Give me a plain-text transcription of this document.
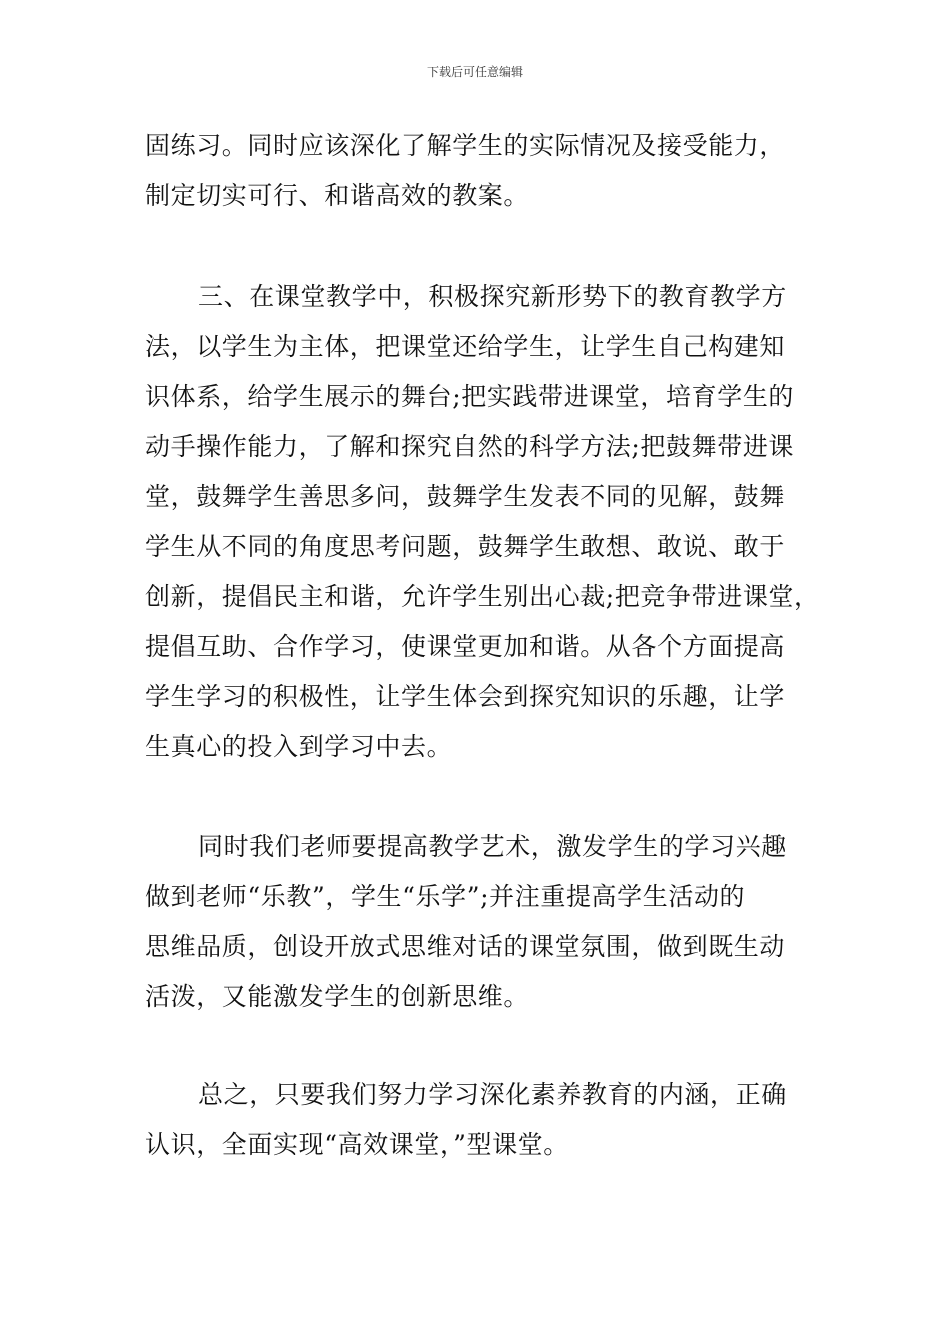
下载后可任意编辑

固练习。同时应该深化了解学生的实际情况及接受能力，
制定切实可行、和谐高效的教案。

三、在课堂教学中，积极探究新形势下的教育教学方
法，以学生为主体，把课堂还给学生，让学生自己构建知
识体系，给学生展示的舞台;把实践带进课堂，培育学生的
动手操作能力，了解和探究自然的科学方法;把鼓舞带进课
堂，鼓舞学生善思多问，鼓舞学生发表不同的见解，鼓舞
学生从不同的角度思考问题，鼓舞学生敢想、敢说、敢于
创新，提倡民主和谐，允许学生别出心裁;把竞争带进课堂，
提倡互助、合作学习，使课堂更加和谐。从各个方面提高
学生学习的积极性，让学生体会到探究知识的乐趣，让学
生真心的投入到学习中去。

同时我们老师要提高教学艺术，激发学生的学习兴趣
做到老师“乐教”，学生“乐学”;并注重提高学生活动的
思维品质，创设开放式思维对话的课堂氛围，做到既生动
活泼，又能激发学生的创新思维。

总之，只要我们努力学习深化素养教育的内涵，正确
认识，全面实现“高效课堂，”型课堂。
